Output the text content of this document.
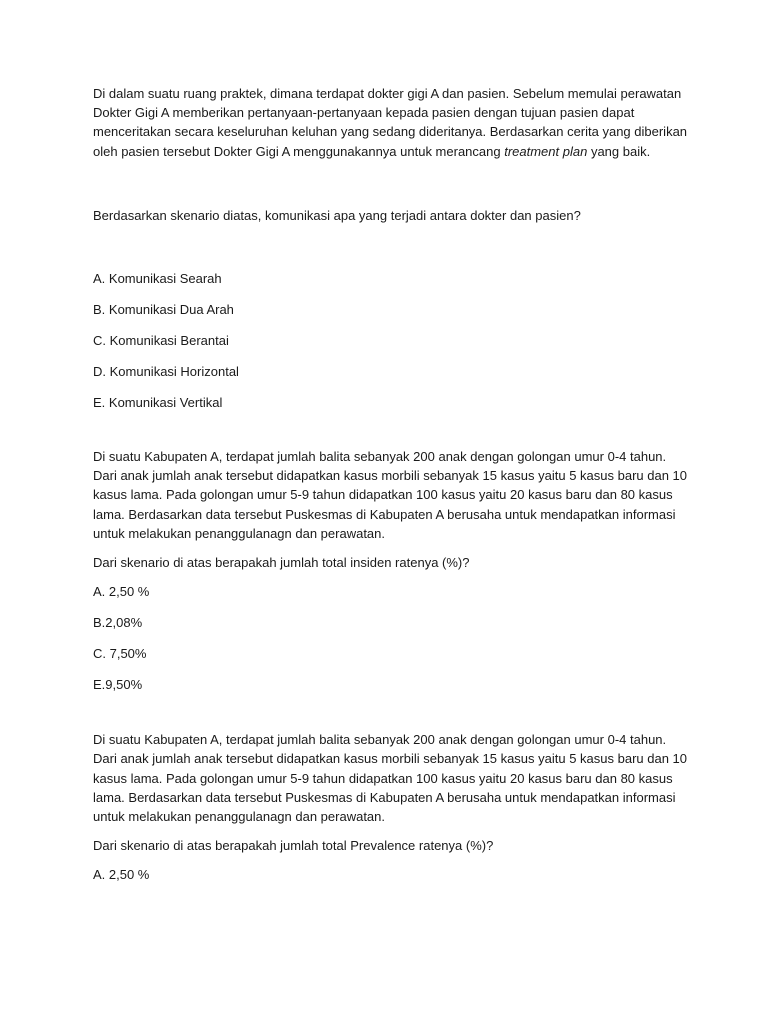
Di dalam suatu ruang praktek, dimana terdapat dokter gigi A dan pasien. Sebelum memulai perawatan Dokter Gigi A memberikan pertanyaan-pertanyaan kepada pasien dengan tujuan pasien dapat menceritakan secara keseluruhan keluhan yang sedang dideritanya. Berdasarkan cerita yang diberikan oleh pasien tersebut Dokter Gigi A menggunakannya untuk merancang treatment plan yang baik.

Berdasarkan skenario diatas, komunikasi apa yang terjadi antara dokter dan pasien?

A. Komunikasi Searah

B. Komunikasi Dua Arah

C. Komunikasi Berantai

D. Komunikasi Horizontal

E. Komunikasi Vertikal

Di suatu Kabupaten A, terdapat jumlah balita sebanyak 200 anak dengan golongan umur 0-4 tahun. Dari anak jumlah anak tersebut didapatkan kasus morbili sebanyak 15 kasus yaitu 5 kasus baru dan 10 kasus lama. Pada golongan umur 5-9 tahun didapatkan 100 kasus yaitu 20 kasus baru dan 80 kasus lama. Berdasarkan data tersebut Puskesmas di Kabupaten A berusaha untuk mendapatkan informasi untuk melakukan penanggulanagn dan perawatan.

Dari skenario di atas berapakah jumlah total insiden ratenya (%)?

A. 2,50 %

B.2,08%

C. 7,50%

E.9,50%

Di suatu Kabupaten A, terdapat jumlah balita sebanyak 200 anak dengan golongan umur 0-4 tahun. Dari anak jumlah anak tersebut didapatkan kasus morbili sebanyak 15 kasus yaitu 5 kasus baru dan 10 kasus lama. Pada golongan umur 5-9 tahun didapatkan 100 kasus yaitu 20 kasus baru dan 80 kasus lama. Berdasarkan data tersebut Puskesmas di Kabupaten A berusaha untuk mendapatkan informasi untuk melakukan penanggulanagn dan perawatan.

Dari skenario di atas berapakah jumlah total Prevalence ratenya (%)?

A. 2,50 %
